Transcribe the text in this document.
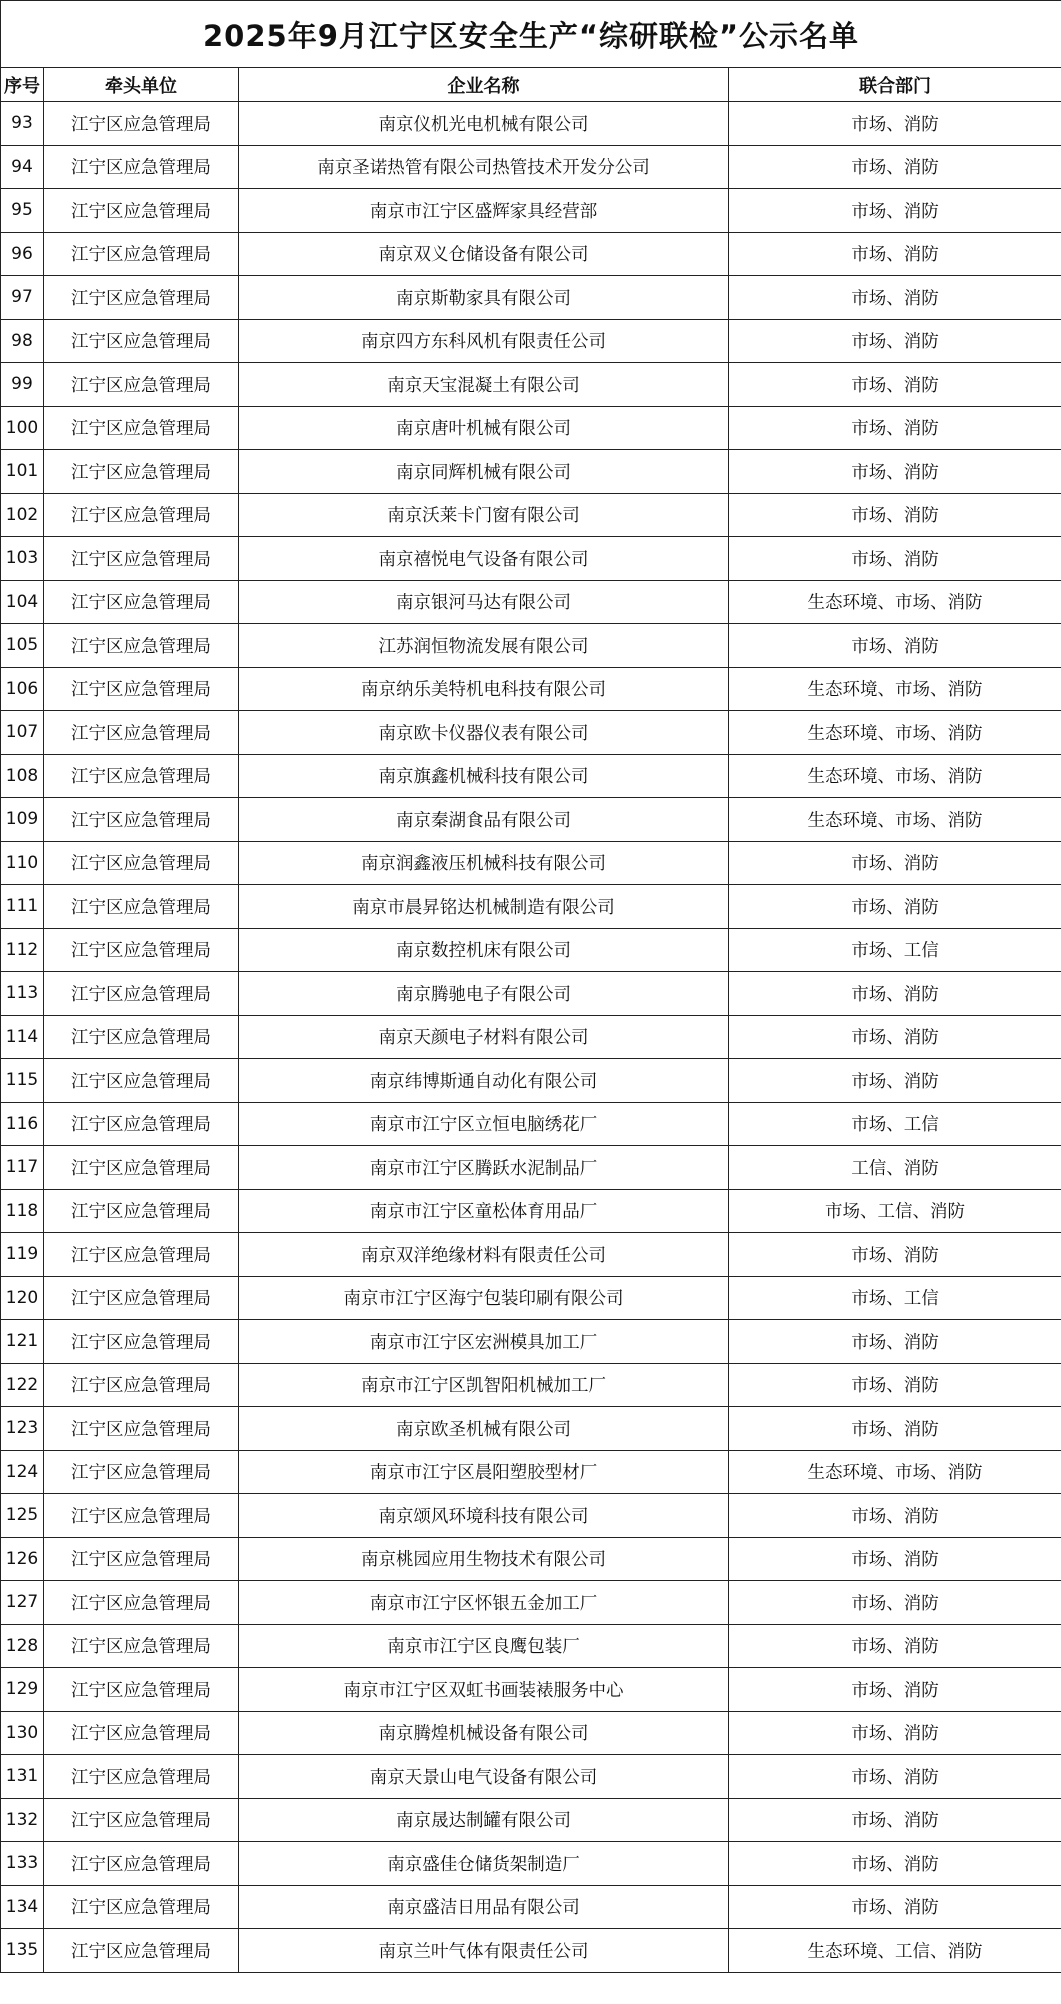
2025年9月江宁区安全生产“综研联检”公示名单			
序号	牵头单位	企业名称	联合部门
93	江宁区应急管理局	南京仪机光电机械有限公司	市场、消防
94	江宁区应急管理局	南京圣诺热管有限公司热管技术开发分公司	市场、消防
95	江宁区应急管理局	南京市江宁区盛辉家具经营部	市场、消防
96	江宁区应急管理局	南京双义仓储设备有限公司	市场、消防
97	江宁区应急管理局	南京斯勒家具有限公司	市场、消防
98	江宁区应急管理局	南京四方东科风机有限责任公司	市场、消防
99	江宁区应急管理局	南京天宝混凝土有限公司	市场、消防
100	江宁区应急管理局	南京唐叶机械有限公司	市场、消防
101	江宁区应急管理局	南京同辉机械有限公司	市场、消防
102	江宁区应急管理局	南京沃莱卡门窗有限公司	市场、消防
103	江宁区应急管理局	南京禧悦电气设备有限公司	市场、消防
104	江宁区应急管理局	南京银河马达有限公司	生态环境、市场、消防
105	江宁区应急管理局	江苏润恒物流发展有限公司	市场、消防
106	江宁区应急管理局	南京纳乐美特机电科技有限公司	生态环境、市场、消防
107	江宁区应急管理局	南京欧卡仪器仪表有限公司	生态环境、市场、消防
108	江宁区应急管理局	南京旗鑫机械科技有限公司	生态环境、市场、消防
109	江宁区应急管理局	南京秦湖食品有限公司	生态环境、市场、消防
110	江宁区应急管理局	南京润鑫液压机械科技有限公司	市场、消防
111	江宁区应急管理局	南京市晨昇铭达机械制造有限公司	市场、消防
112	江宁区应急管理局	南京数控机床有限公司	市场、工信
113	江宁区应急管理局	南京腾驰电子有限公司	市场、消防
114	江宁区应急管理局	南京天颜电子材料有限公司	市场、消防
115	江宁区应急管理局	南京纬博斯通自动化有限公司	市场、消防
116	江宁区应急管理局	南京市江宁区立恒电脑绣花厂	市场、工信
117	江宁区应急管理局	南京市江宁区腾跃水泥制品厂	工信、消防
118	江宁区应急管理局	南京市江宁区童松体育用品厂	市场、工信、消防
119	江宁区应急管理局	南京双洋绝缘材料有限责任公司	市场、消防
120	江宁区应急管理局	南京市江宁区海宁包装印刷有限公司	市场、工信
121	江宁区应急管理局	南京市江宁区宏洲模具加工厂	市场、消防
122	江宁区应急管理局	南京市江宁区凯智阳机械加工厂	市场、消防
123	江宁区应急管理局	南京欧圣机械有限公司	市场、消防
124	江宁区应急管理局	南京市江宁区晨阳塑胶型材厂	生态环境、市场、消防
125	江宁区应急管理局	南京颂风环境科技有限公司	市场、消防
126	江宁区应急管理局	南京桃园应用生物技术有限公司	市场、消防
127	江宁区应急管理局	南京市江宁区怀银五金加工厂	市场、消防
128	江宁区应急管理局	南京市江宁区良鹰包装厂	市场、消防
129	江宁区应急管理局	南京市江宁区双虹书画装裱服务中心	市场、消防
130	江宁区应急管理局	南京腾煌机械设备有限公司	市场、消防
131	江宁区应急管理局	南京天景山电气设备有限公司	市场、消防
132	江宁区应急管理局	南京晟达制罐有限公司	市场、消防
133	江宁区应急管理局	南京盛佳仓储货架制造厂	市场、消防
134	江宁区应急管理局	南京盛洁日用品有限公司	市场、消防
135	江宁区应急管理局	南京兰叶气体有限责任公司	生态环境、工信、消防
